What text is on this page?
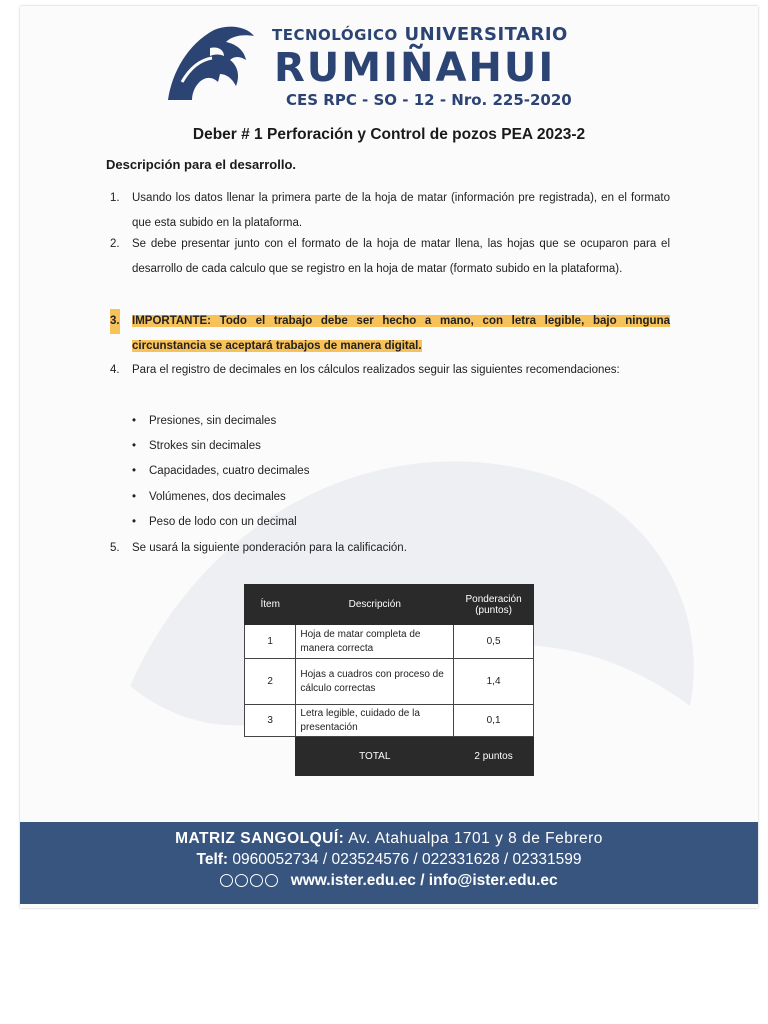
TECNOLÓGICO UNIVERSITARIO
RUMIÑAHUI
CES RPC - SO - 12 - Nro. 225-2020
Deber # 1 Perforación y Control de pozos PEA 2023-2
Descripción para el desarrollo.
1. Usando los datos llenar la primera parte de la hoja de matar (información pre registrada), en el formato que esta subido en la plataforma.
2. Se debe presentar junto con el formato de la hoja de matar llena, las hojas que se ocuparon para el desarrollo de cada calculo que se registro en la hoja de matar (formato subido en la plataforma).
3. IMPORTANTE: Todo el trabajo debe ser hecho a mano, con letra legible, bajo ninguna circunstancia se aceptará trabajos de manera digital.
4. Para el registro de decimales en los cálculos realizados seguir las siguientes recomendaciones:
• Presiones, sin decimales
• Strokes sin decimales
• Capacidades, cuatro decimales
• Volúmenes, dos decimales
• Peso de lodo con un decimal
5. Se usará la siguiente ponderación para la calificación.
Ítem	Descripción	Ponderación (puntos)
1	Hoja de matar completa de manera correcta	0,5
2	Hojas a cuadros con proceso de cálculo correctas	1,4
3	Letra legible, cuidado de la presentación	0,1
	TOTAL	2 puntos
MATRIZ SANGOLQUÍ: Av. Atahualpa 1701 y 8 de Febrero
Telf: 0960052734 / 023524576 / 022331628 / 02331599
www.ister.edu.ec / info@ister.edu.ec
